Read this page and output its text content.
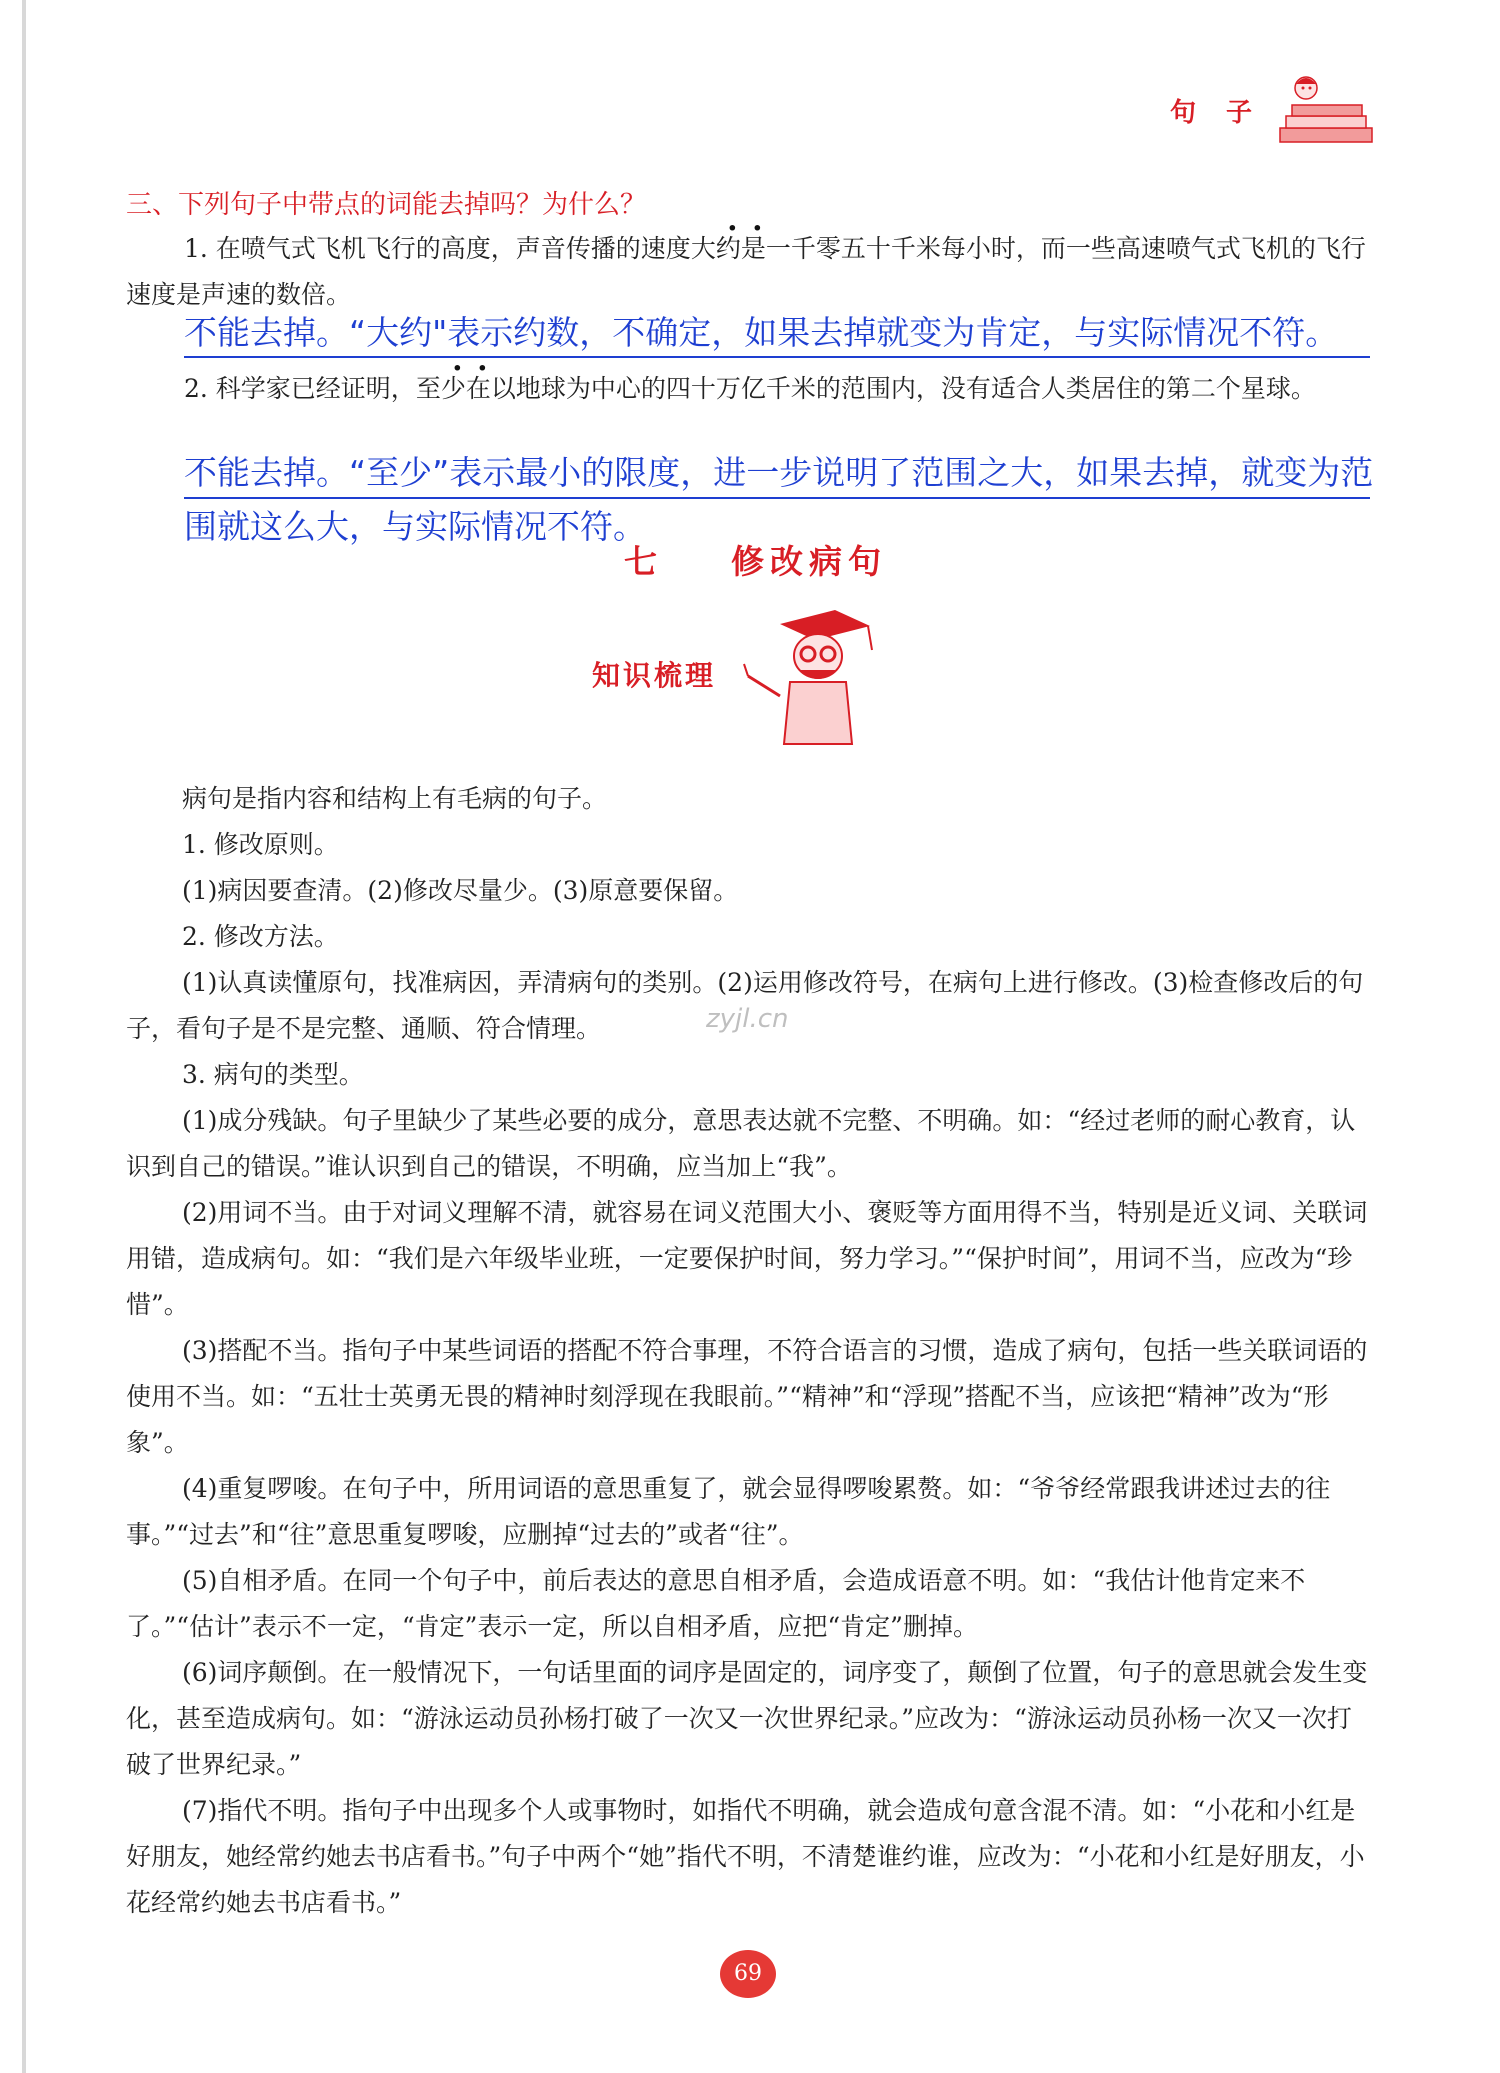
句子
三、下列句子中带点的词能去掉吗？为什么？
1. 在喷气式飞机飞行的高度，声音传播的速度大约是一千零五十千米每小时，而一些高速喷气式飞机的飞行速度是声速的数倍。
不能去掉。“大约"表示约数，不确定，如果去掉就变为肯定，与实际情况不符。
2. 科学家已经证明，至少在以地球为中心的四十万亿千米的范围内，没有适合人类居住的第二个星球。
不能去掉。“至少”表示最小的限度，进一步说明了范围之大，如果去掉，就变为范围就这么大，与实际情况不符。
七 修改病句
知识梳理

病句是指内容和结构上有毛病的句子。

1. 修改原则。

(1)病因要查清。(2)修改尽量少。(3)原意要保留。

2. 修改方法。

(1)认真读懂原句，找准病因，弄清病句的类别。(2)运用修改符号，在病句上进行修改。(3)检查修改后的句子，看句子是不是完整、通顺、符合情理。

3. 病句的类型。

(1)成分残缺。句子里缺少了某些必要的成分，意思表达就不完整、不明确。如：“经过老师的耐心教育，认识到自己的错误。”谁认识到自己的错误，不明确，应当加上“我”。

(2)用词不当。由于对词义理解不清，就容易在词义范围大小、褒贬等方面用得不当，特别是近义词、关联词用错，造成病句。如：“我们是六年级毕业班，一定要保护时间，努力学习。”“保护时间”，用词不当，应改为“珍惜”。

(3)搭配不当。指句子中某些词语的搭配不符合事理，不符合语言的习惯，造成了病句，包括一些关联词语的使用不当。如：“五壮士英勇无畏的精神时刻浮现在我眼前。”“精神”和“浮现”搭配不当，应该把“精神”改为“形象”。

(4)重复啰唆。在句子中，所用词语的意思重复了，就会显得啰唆累赘。如：“爷爷经常跟我讲述过去的往事。”“过去”和“往”意思重复啰唆，应删掉“过去的”或者“往”。

(5)自相矛盾。在同一个句子中，前后表达的意思自相矛盾，会造成语意不明。如：“我估计他肯定来不了。”“估计”表示不一定，“肯定”表示一定，所以自相矛盾，应把“肯定”删掉。

(6)词序颠倒。在一般情况下，一句话里面的词序是固定的，词序变了，颠倒了位置，句子的意思就会发生变化，甚至造成病句。如：“游泳运动员孙杨打破了一次又一次世界纪录。”应改为：“游泳运动员孙杨一次又一次打破了世界纪录。”

(7)指代不明。指句子中出现多个人或事物时，如指代不明确，就会造成句意含混不清。如：“小花和小红是好朋友，她经常约她去书店看书。”句子中两个“她”指代不明，不清楚谁约谁，应改为：“小花和小红是好朋友，小花经常约她去书店看书。”

zyjl.cn
69
